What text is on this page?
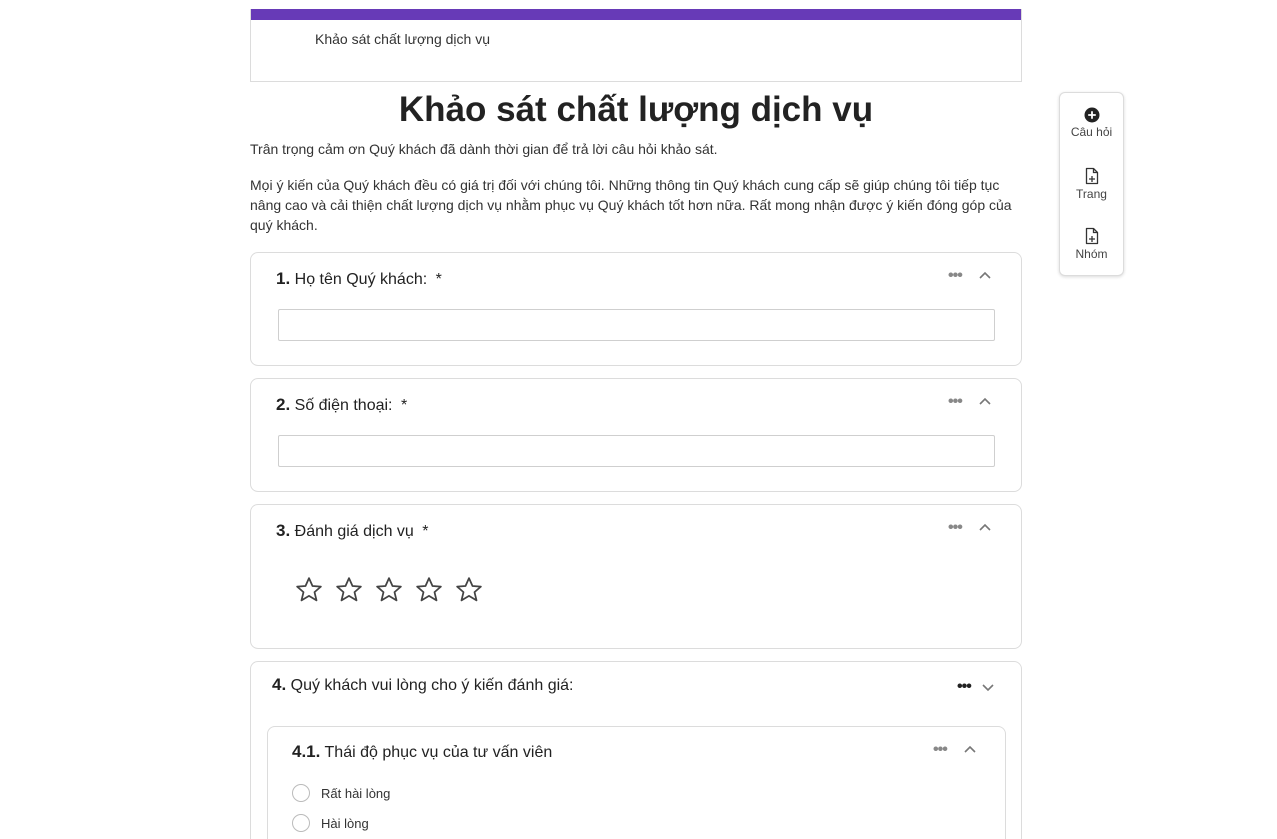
Khảo sát chất lượng dịch vụ
Khảo sát chất lượng dịch vụ

Trân trọng cảm ơn Quý khách đã dành thời gian để trả lời câu hỏi khảo sát.

Mọi ý kiến của Quý khách đều có giá trị đối với chúng tôi. Những thông tin Quý khách cung cấp sẽ giúp chúng tôi tiếp tục nâng cao và cải thiện chất lượng dịch vụ nhằm phục vụ Quý khách tốt hơn nữa. Rất mong nhận được ý kiến đóng góp của quý khách.

1. Họ tên Quý khách: *	•••
2. Số điện thoại: *	•••
3. Đánh giá dịch vụ *	•••
4. Quý khách vui lòng cho ý kiến đánh giá:	•••
4.1. Thái độ phục vụ của tư vấn viên	•••
Rất hài lòng
Hài lòng
Câu hỏi
Trang
Nhóm
